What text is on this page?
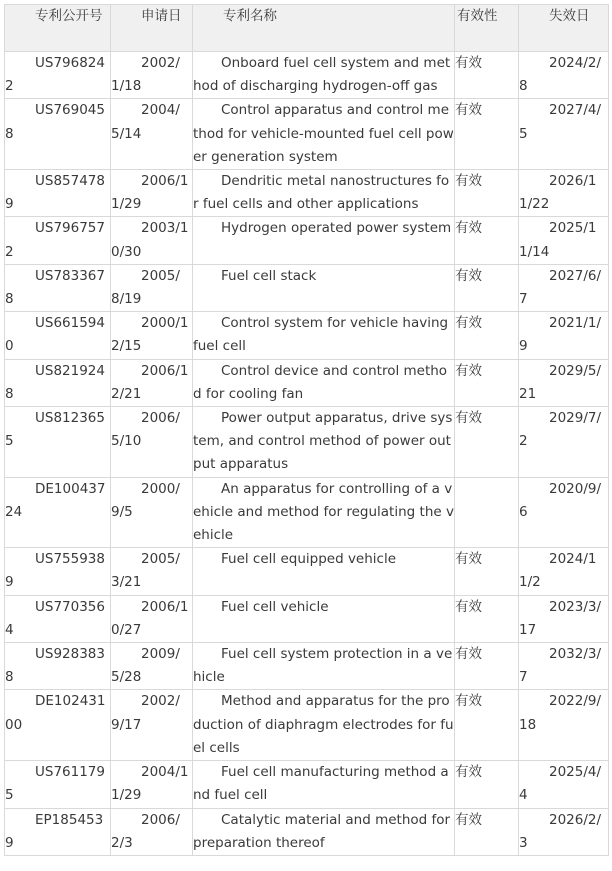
专利公开号	申请日	专利名称	有效性	失效日

US7968242	2002/1/18	Onboard fuel cell system and method of discharging hydrogen-off gas	有效	2024/2/8

US7690458	2004/5/14	Control apparatus and control method for vehicle-mounted fuel cell power generation system	有效	2027/4/5

US8574789	2006/11/29	Dendritic metal nanostructures for fuel cells and other applications	有效	2026/11/22

US7967572	2003/10/30	Hydrogen operated power system	有效	2025/11/14

US7833678	2005/8/19	Fuel cell stack	有效	2027/6/7

US6615940	2000/12/15	Control system for vehicle having fuel cell	有效	2021/1/9

US8219248	2006/12/21	Control device and control method for cooling fan	有效	2029/5/21

US8123655	2006/5/10	Power output apparatus, drive system, and control method of power output apparatus	有效	2029/7/2

DE10043724	2000/9/5	An apparatus for controlling of a vehicle and method for regulating the vehicle		2020/9/6

US7559389	2005/3/21	Fuel cell equipped vehicle	有效	2024/11/2

US7703564	2006/10/27	Fuel cell vehicle	有效	2023/3/17

US9283838	2009/5/28	Fuel cell system protection in a vehicle	有效	2032/3/7

DE10243100	2002/9/17	Method and apparatus for the production of diaphragm electrodes for fuel cells	有效	2022/9/18

US7611795	2004/11/29	Fuel cell manufacturing method and fuel cell	有效	2025/4/4

EP1854539	2006/2/3	Catalytic material and method for preparation thereof	有效	2026/2/3
